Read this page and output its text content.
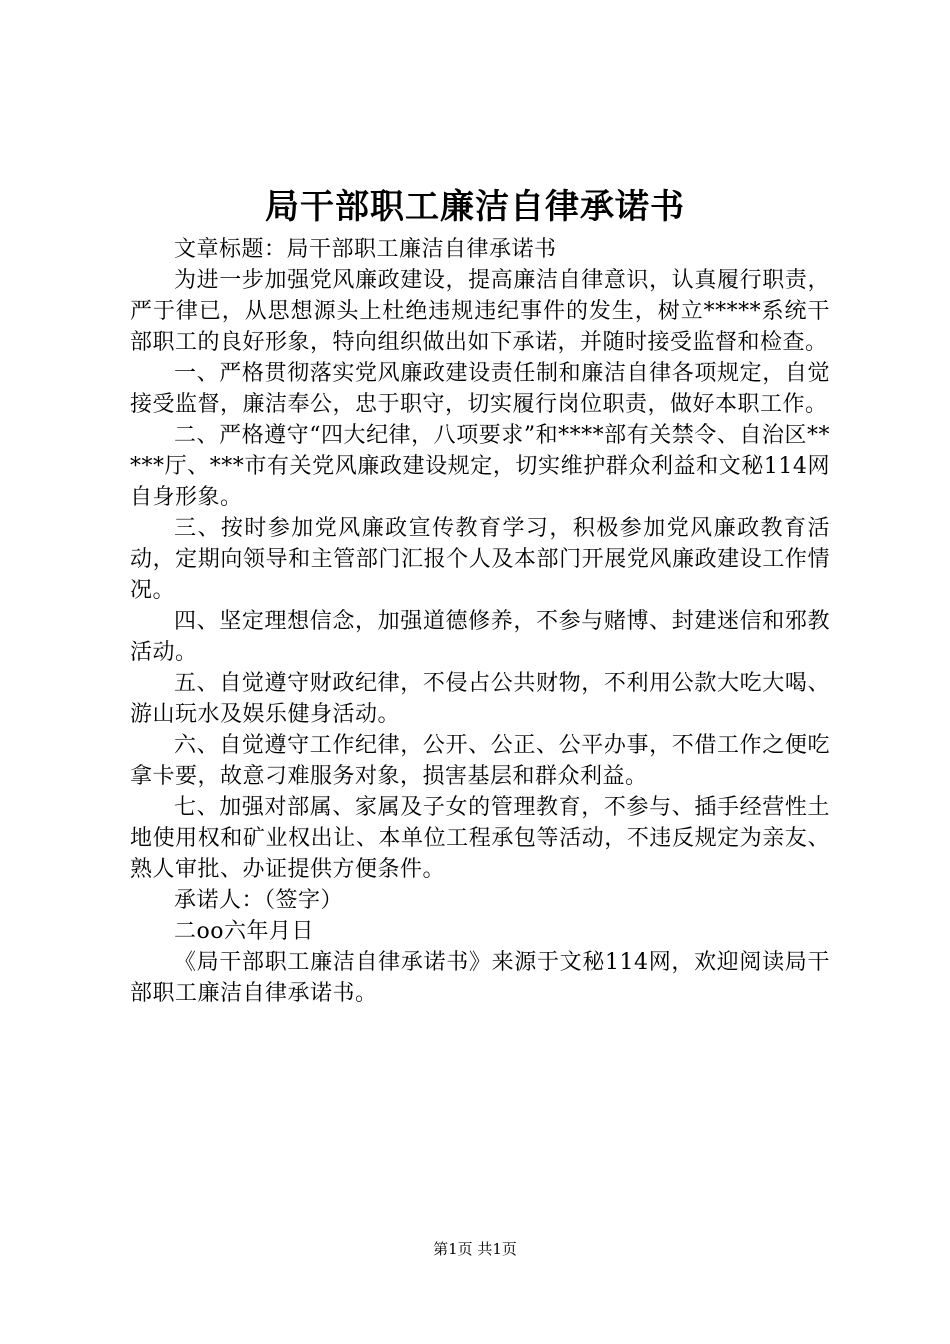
局干部职工廉洁自律承诺书

文章标题：局干部职工廉洁自律承诺书

为进一步加强党风廉政建设，提高廉洁自律意识，认真履行职责，严于律已，从思想源头上杜绝违规违纪事件的发生，树立*****系统干部职工的良好形象，特向组织做出如下承诺，并随时接受监督和检查。

一、严格贯彻落实党风廉政建设责任制和廉洁自律各项规定，自觉接受监督，廉洁奉公，忠于职守，切实履行岗位职责，做好本职工作。

二、严格遵守“四大纪律，八项要求”和****部有关禁令、自治区*****厅、***市有关党风廉政建设规定，切实维护群众利益和文秘114网自身形象。

三、按时参加党风廉政宣传教育学习，积极参加党风廉政教育活动，定期向领导和主管部门汇报个人及本部门开展党风廉政建设工作情况。

四、坚定理想信念，加强道德修养，不参与赌博、封建迷信和邪教活动。

五、自觉遵守财政纪律，不侵占公共财物，不利用公款大吃大喝、游山玩水及娱乐健身活动。

六、自觉遵守工作纪律，公开、公正、公平办事，不借工作之便吃拿卡要，故意刁难服务对象，损害基层和群众利益。

七、加强对部属、家属及子女的管理教育，不参与、插手经营性土地使用权和矿业权出让、本单位工程承包等活动，不违反规定为亲友、熟人审批、办证提供方便条件。

承诺人：（签字）

二oo六年月日

《局干部职工廉洁自律承诺书》来源于文秘114网，欢迎阅读局干部职工廉洁自律承诺书。

第1页 共1页
